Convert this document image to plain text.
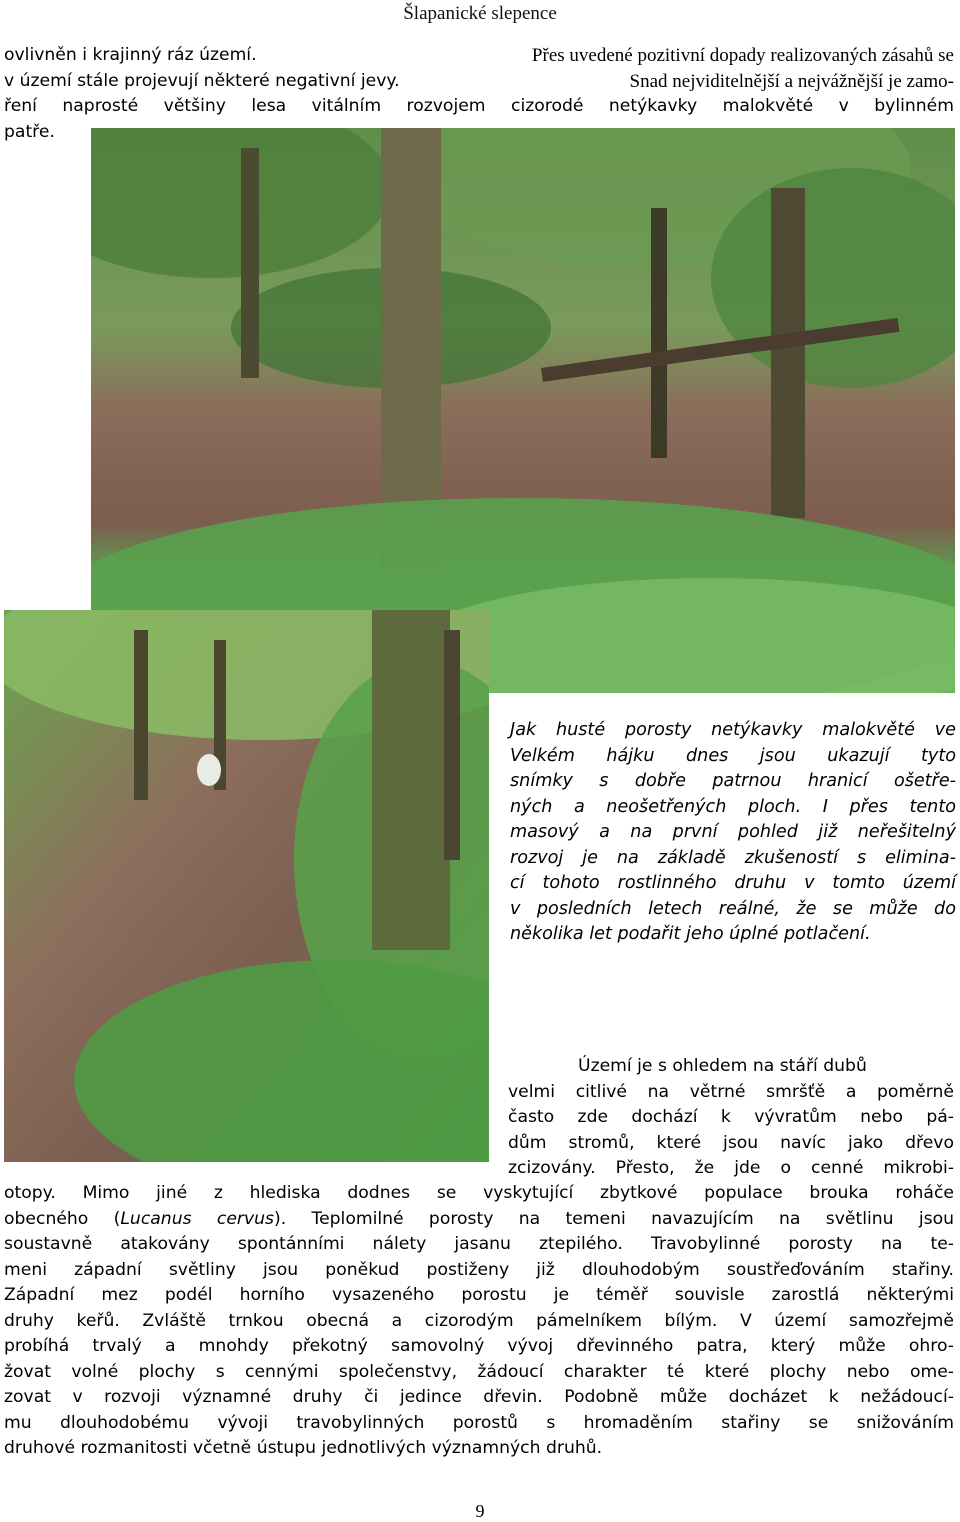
Šlapanické slepence
ovlivněn i krajinný ráz území.	Přes uvedené pozitivní dopady realizovaných zásahů se
v území stále projevují některé negativní jevy.	Snad nejviditelnější a nejvážnější je zamo-
ření naprosté většiny lesa vitálním rozvojem cizorodé netýkavky malokvěté v bylinném
patře.
Jak husté porosty netýkavky malokvěté ve
Velkém hájku dnes jsou ukazují tyto
snímky s dobře patrnou hranicí ošetře-
ných a neošetřených ploch. I přes tento
masový a na první pohled již neřešitelný
rozvoj je na základě zkušeností s elimina-
cí tohoto rostlinného druhu v tomto území
v posledních letech reálné, že se může do
několika let podařit jeho úplné potlačení.
Území je s ohledem na stáří dubů
velmi citlivé na větrné smršťě a poměrně
často zde dochází k vývratům nebo pá-
dům stromů, které jsou navíc jako dřevo
zcizovány. Přesto, že jde o cenné mikrobi-
otopy. Mimo jiné z hlediska dodnes se vyskytující zbytkové populace brouka roháče
obecného (Lucanus cervus). Teplomilné porosty na temeni navazujícím na světlinu jsou
soustavně atakovány spontánními nálety jasanu ztepilého. Travobylinné porosty na te-
meni západní světliny jsou poněkud postiženy již dlouhodobým soustřeďováním stařiny.
Západní mez podél horního vysazeného porostu je téměř souvisle zarostlá některými
druhy keřů. Zvláště trnkou obecná a cizorodým pámelníkem bílým. V území samozřejmě
probíhá trvalý a mnohdy překotný samovolný vývoj dřevinného patra, který může ohro-
žovat volné plochy s cennými společenstvy, žádoucí charakter té které plochy nebo ome-
zovat v rozvoji významné druhy či jedince dřevin. Podobně může docházet k nežádoucí-
mu dlouhodobému vývoji travobylinných porostů s hromaděním stařiny se snižováním
druhové rozmanitosti včetně ústupu jednotlivých významných druhů.
9
